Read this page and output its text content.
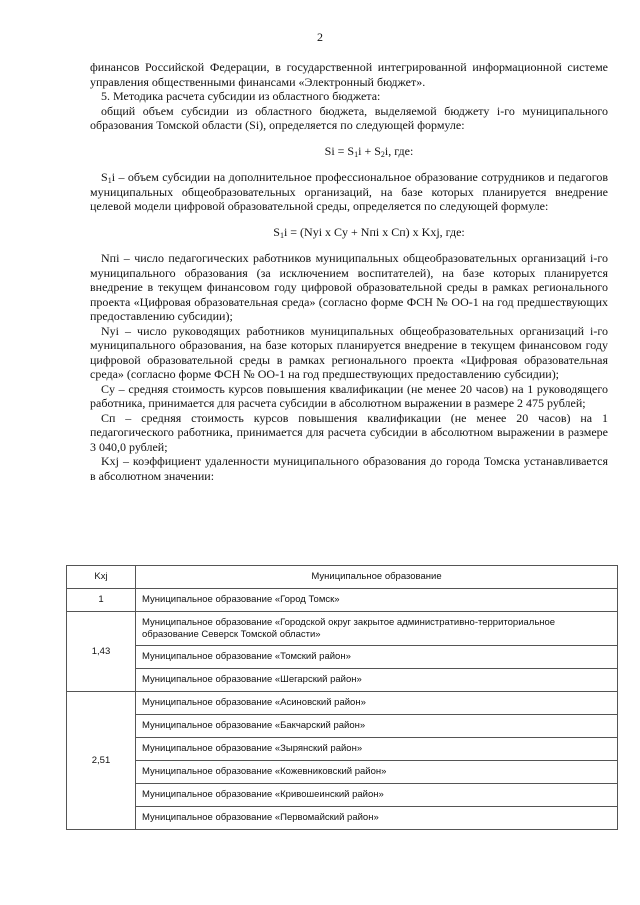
2

финансов Российской Федерации, в государственной интегрированной информационной системе управления общественными финансами «Электронный бюджет».

5. Методика расчета субсидии из областного бюджета:

общий объем субсидии из областного бюджета, выделяемой бюджету i-го муниципального образования Томской области (Si), определяется по следующей формуле:

$Si = S_1i + S_2i$, где:

$S_1i$ – объем субсидии на дополнительное профессиональное образование сотрудников и педагогов муниципальных общеобразовательных организаций, на базе которых планируется внедрение целевой модели цифровой образовательной среды, определяется по следующей формуле:

$S_1i = (Nyi$ x Cy + Nпi x Cп) x Kxj, где:

Nпi – число педагогических работников муниципальных общеобразовательных организаций i-го муниципального образования (за исключением воспитателей), на базе которых планируется внедрение в текущем финансовом году цифровой образовательной среды в рамках регионального проекта «Цифровая образовательная среда» (согласно форме ФСН № ОО-1 на год предшествующих предоставлению субсидии);

Nyi – число руководящих работников муниципальных общеобразовательных организаций i-го муниципального образования, на базе которых планируется внедрение в текущем финансовом году цифровой образовательной среды в рамках регионального проекта «Цифровая образовательная среда» (согласно форме ФСН № ОО-1 на год предшествующих предоставлению субсидии);

Cy – средняя стоимость курсов повышения квалификации (не менее 20 часов) на 1 руководящего работника, принимается для расчета субсидии в абсолютном выражении в размере 2 475 рублей;

Cп – средняя стоимость курсов повышения квалификации (не менее 20 часов) на 1 педагогического работника, принимается для расчета субсидии в абсолютном выражении в размере 3 040,0 рублей;

Kxj – коэффициент удаленности муниципального образования до города Томска устанавливается в абсолютном значении:

Kxj	Муниципальное образование
1	Муниципальное образование «Город Томск»
1,43	Муниципальное образование «Городской округ закрытое административно-территориальное образование Северск Томской области»
	Муниципальное образование «Томский район»
	Муниципальное образование «Шегарский район»
2,51	Муниципальное образование «Асиновский район»
	Муниципальное образование «Бакчарский район»
	Муниципальное образование «Зырянский район»
	Муниципальное образование «Кожевниковский район»
	Муниципальное образование «Кривошеинский район»
	Муниципальное образование «Первомайский район»
